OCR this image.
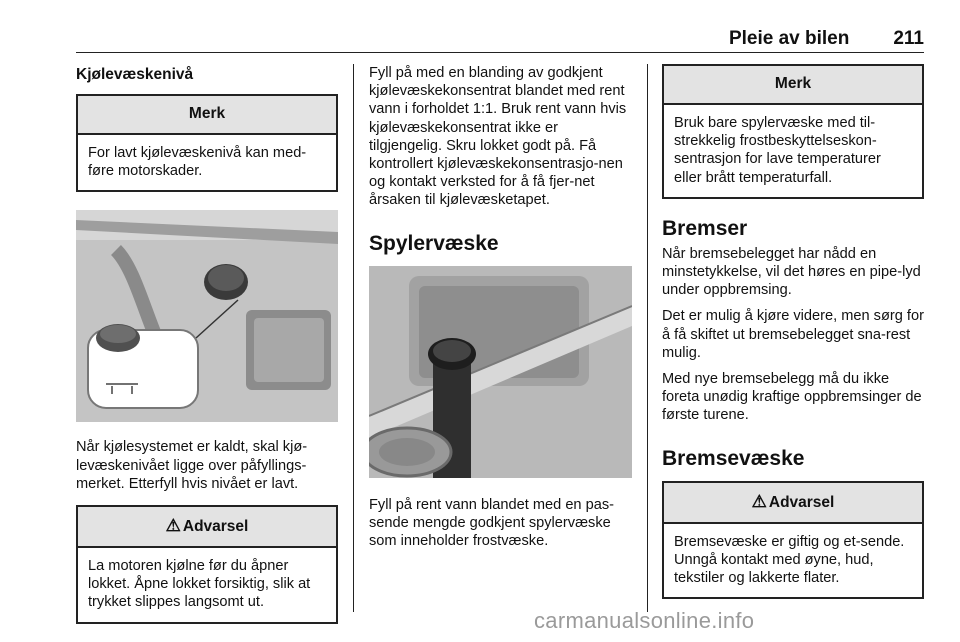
Pleie av bilen 211
Kjølevæskenivå
Merk
For lavt kjølevæskenivå kan med-føre motorskader.

Når kjølesystemet er kaldt, skal kjø-levæskenivået ligge over påfyllings-merket. Etterfyll hvis nivået er lavt.

⚠ Advarsel
La motoren kjølne før du åpner lokket. Åpne lokket forsiktig, slik at trykket slippes langsomt ut.

Fyll på med en blanding av godkjent kjølevæskekonsentrat blandet med rent vann i forholdet 1:1. Bruk rent vann hvis kjølevæskekonsentrat ikke er tilgjengelig. Skru lokket godt på. Få kontrollert kjølevæskekonsentrasjo-nen og kontakt verksted for å få fjer-net årsaken til kjølevæsketapet.

Spylervæske

Fyll på rent vann blandet med en pas-sende mengde godkjent spylervæske som inneholder frostvæske.

Merk
Bruk bare spylervæske med til-strekkelig frostbeskyttelseskon-sentrasjon for lave temperaturer eller brått temperaturfall.
Bremser

Når bremsebelegget har nådd en minstetykkelse, vil det høres en pipe-lyd under oppbremsing.

Det er mulig å kjøre videre, men sørg for å få skiftet ut bremsebelegget sna-rest mulig.

Med nye bremsebelegg må du ikke foreta unødig kraftige oppbremsinger de første turene.

Bremsevæske
⚠ Advarsel
Bremsevæske er giftig og et-sende. Unngå kontakt med øyne, hud, tekstiler og lakkerte flater.
carmanualsonline.info
